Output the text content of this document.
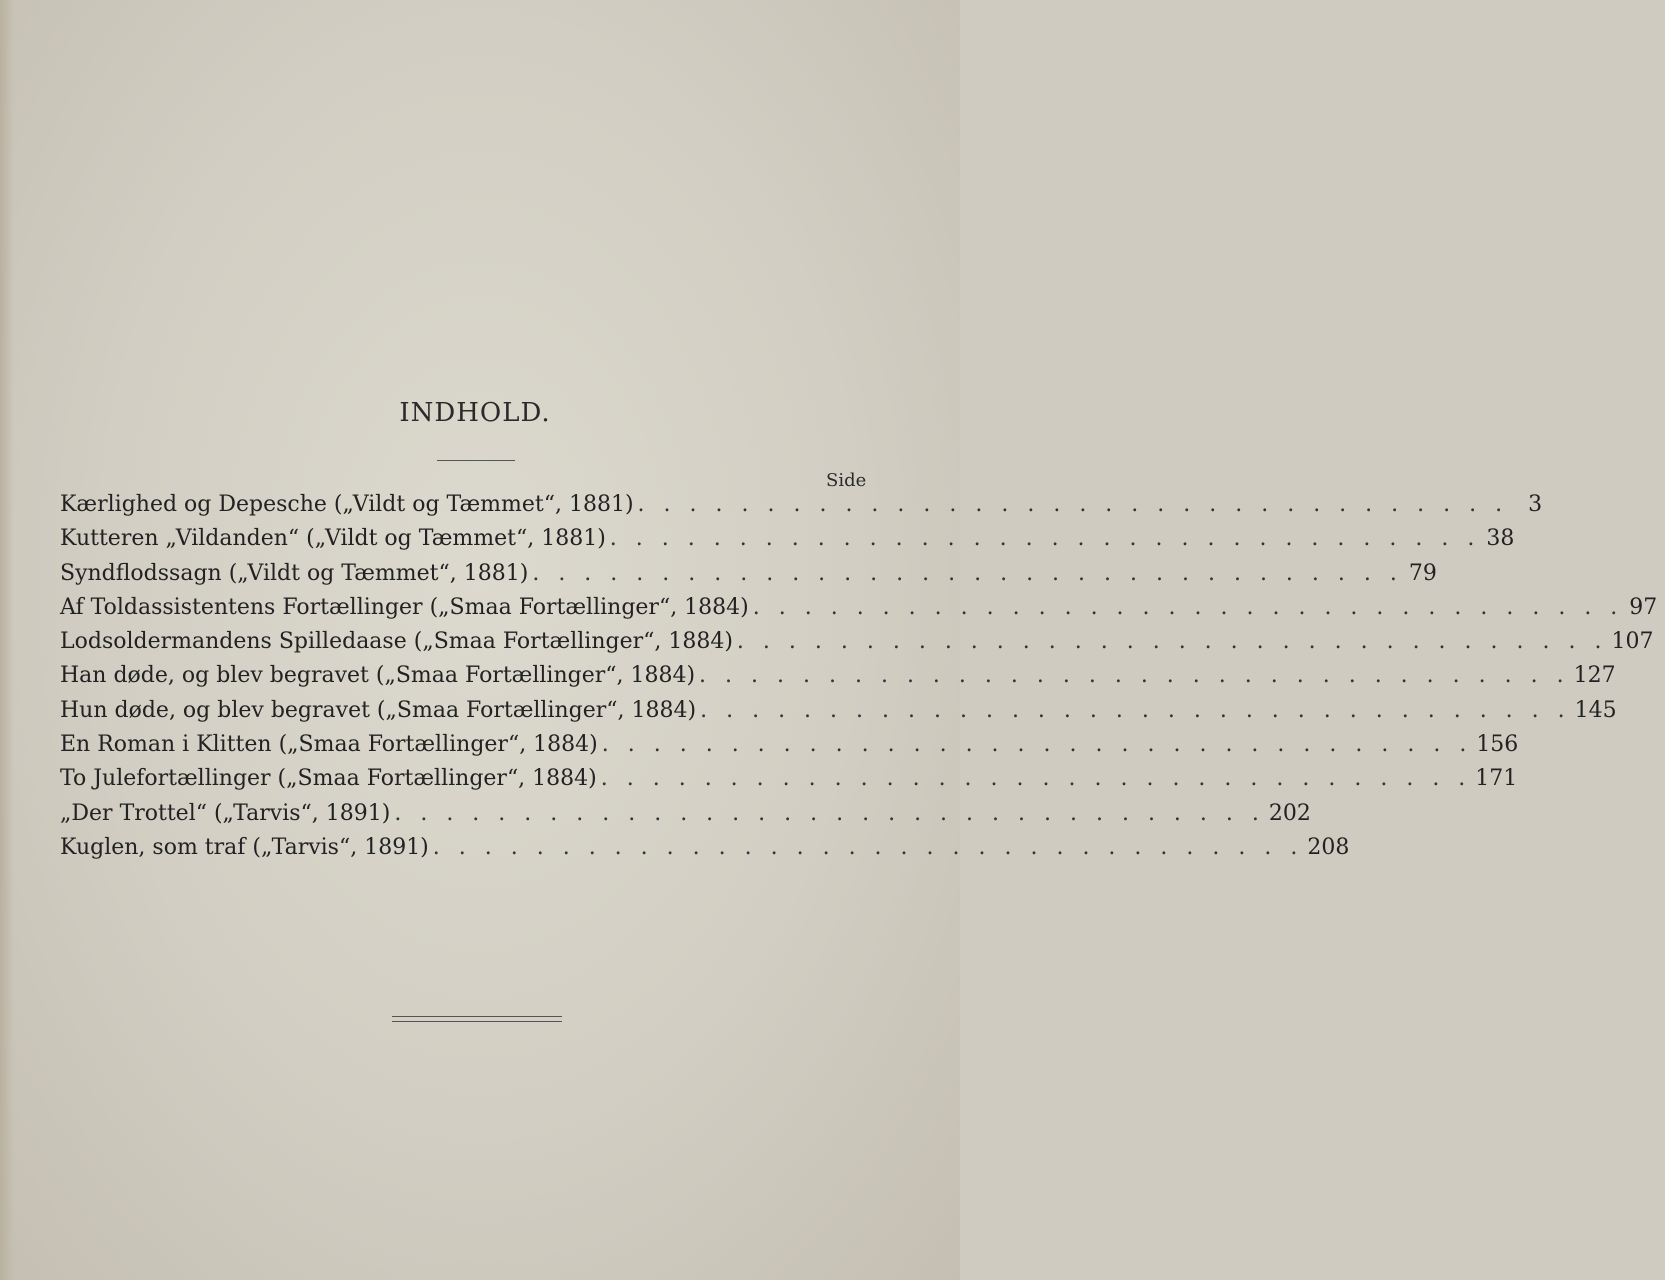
INDHOLD.
Side
Kærlighed og Depesche („Vildt og Tæmmet“, 1881) . . . . . . . . . . . . . . . . . . . . . . . . . . . . . . . . . . 3
Kutteren „Vildanden“ („Vildt og Tæmmet“, 1881) . . . . . . . . . . . . . . . . . . . . . . . . . . . . . . . . . . 38
Syndflodssagn („Vildt og Tæmmet“, 1881) . . . . . . . . . . . . . . . . . . . . . . . . . . . . . . . . . . 79
Af Toldassistentens Fortællinger („Smaa Fortællinger“, 1884) . . . . . . . . . . . . . . . . . . . . . . . . . . . . . . . . . . 97
Lodsoldermandens Spilledaase („Smaa Fortællinger“, 1884) . . . . . . . . . . . . . . . . . . . . . . . . . . . . . . . . . . 107
Han døde, og blev begravet („Smaa Fortællinger“, 1884) . . . . . . . . . . . . . . . . . . . . . . . . . . . . . . . . . . 127
Hun døde, og blev begravet („Smaa Fortællinger“, 1884) . . . . . . . . . . . . . . . . . . . . . . . . . . . . . . . . . . 145
En Roman i Klitten („Smaa Fortællinger“, 1884) . . . . . . . . . . . . . . . . . . . . . . . . . . . . . . . . . . 156
To Julefortællinger („Smaa Fortællinger“, 1884) . . . . . . . . . . . . . . . . . . . . . . . . . . . . . . . . . . 171
„Der Trottel“ („Tarvis“, 1891) . . . . . . . . . . . . . . . . . . . . . . . . . . . . . . . . . . 202
Kuglen, som traf („Tarvis“, 1891) . . . . . . . . . . . . . . . . . . . . . . . . . . . . . . . . . . 208
